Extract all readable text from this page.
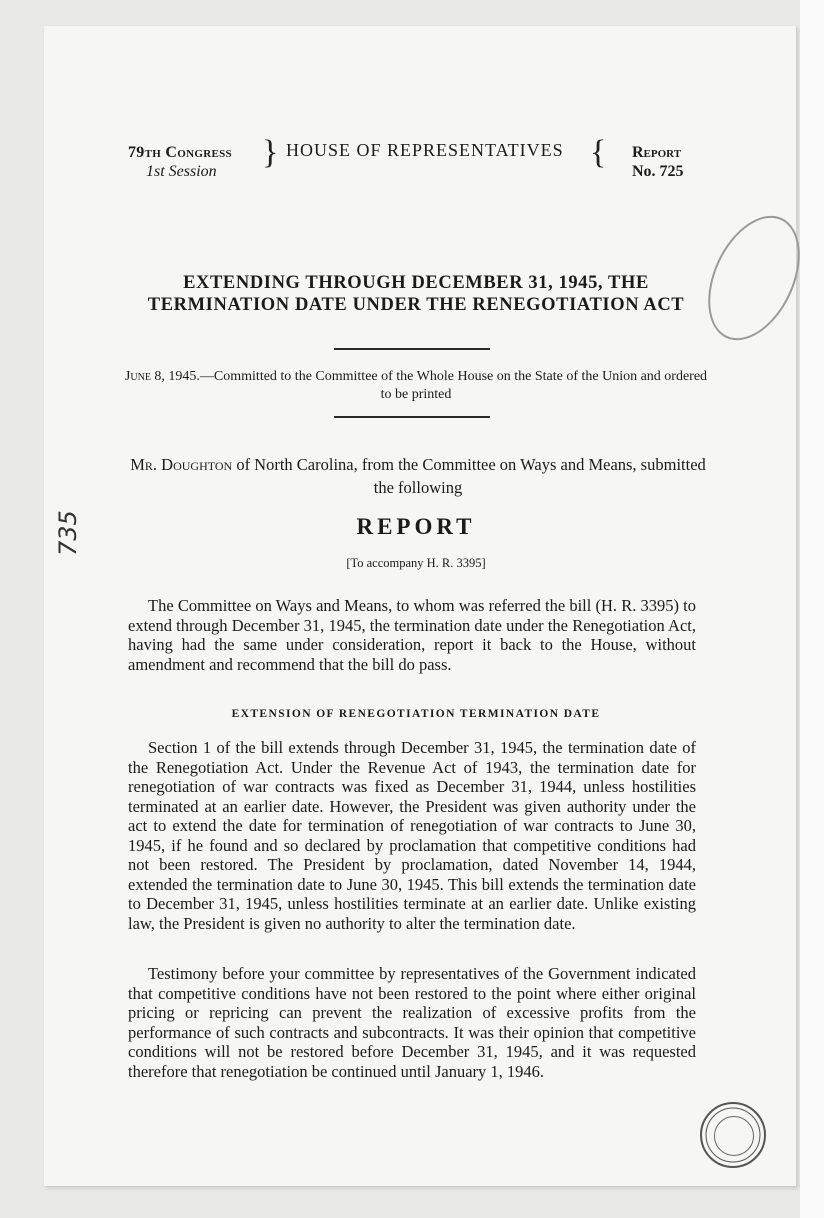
79th Congress
1st Session
} HOUSE OF REPRESENTATIVES { Report
No. 725
EXTENDING THROUGH DECEMBER 31, 1945, THE TERMINATION DATE UNDER THE RENEGOTIATION ACT
June 8, 1945.—Committed to the Committee of the Whole House on the State of the Union and ordered to be printed
Mr. Doughton of North Carolina, from the Committee on Ways and Means, submitted the following
REPORT
[To accompany H. R. 3395]
The Committee on Ways and Means, to whom was referred the bill (H. R. 3395) to extend through December 31, 1945, the termination date under the Renegotiation Act, having had the same under consideration, report it back to the House, without amendment and recommend that the bill do pass.
EXTENSION OF RENEGOTIATION TERMINATION DATE
Section 1 of the bill extends through December 31, 1945, the termination date of the Renegotiation Act. Under the Revenue Act of 1943, the termination date for renegotiation of war contracts was fixed as December 31, 1944, unless hostilities terminated at an earlier date. However, the President was given authority under the act to extend the date for termination of renegotiation of war contracts to June 30, 1945, if he found and so declared by proclamation that competitive conditions had not been restored. The President by proclamation, dated November 14, 1944, extended the termination date to June 30, 1945. This bill extends the termination date to December 31, 1945, unless hostilities terminate at an earlier date. Unlike existing law, the President is given no authority to alter the termination date.
Testimony before your committee by representatives of the Government indicated that competitive conditions have not been restored to the point where either original pricing or repricing can prevent the realization of excessive profits from the performance of such contracts and subcontracts. It was their opinion that competitive conditions will not be restored before December 31, 1945, and it was requested therefore that renegotiation be continued until January 1, 1946.
735
